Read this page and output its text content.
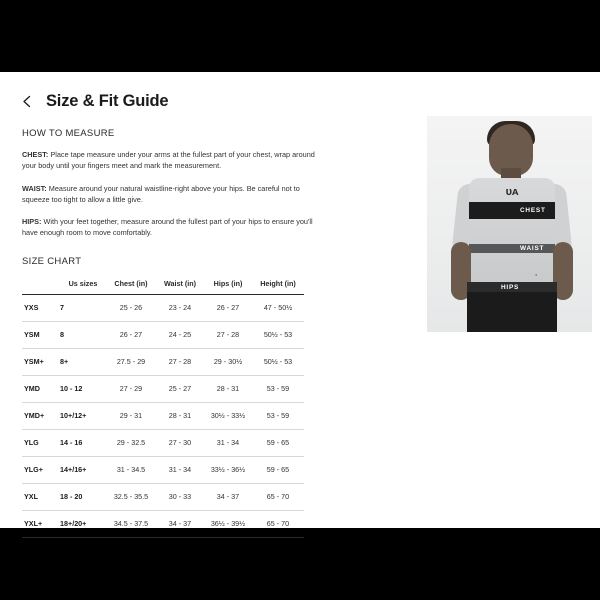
Size & Fit Guide
ᴜᴀ
●
CHEST
WAIST
HIPS
HOW TO MEASURE

CHEST: Place tape measure under your arms at the fullest part of your chest, wrap around your body until your fingers meet and mark the measurement.

WAIST: Measure around your natural waistline-right above your hips. Be careful not to squeeze too tight to allow a little give.

HIPS: With your feet together, measure around the fullest part of your hips to ensure you'll have enough room to move comfortably.

SIZE CHART
	Us sizes	Chest (in)	Waist (in)	Hips (in)	Height (in)
YXS	7	25 - 26	23 - 24	26 - 27	47 - 50½
YSM	8	26 - 27	24 - 25	27 - 28	50½ - 53
YSM+	8+	27.5 - 29	27 - 28	29 - 30½	50½ - 53
YMD	10 - 12	27 - 29	25 - 27	28 - 31	53 - 59
YMD+	10+/12+	29 - 31	28 - 31	30½ - 33½	53 - 59
YLG	14 - 16	29 - 32.5	27 - 30	31 - 34	59 - 65
YLG+	14+/16+	31 - 34.5	31 - 34	33½ - 36½	59 - 65
YXL	18 - 20	32.5 - 35.5	30 - 33	34 - 37	65 - 70
YXL+	18+/20+	34.5 - 37.5	34 - 37	36½ - 39½	65 - 70
